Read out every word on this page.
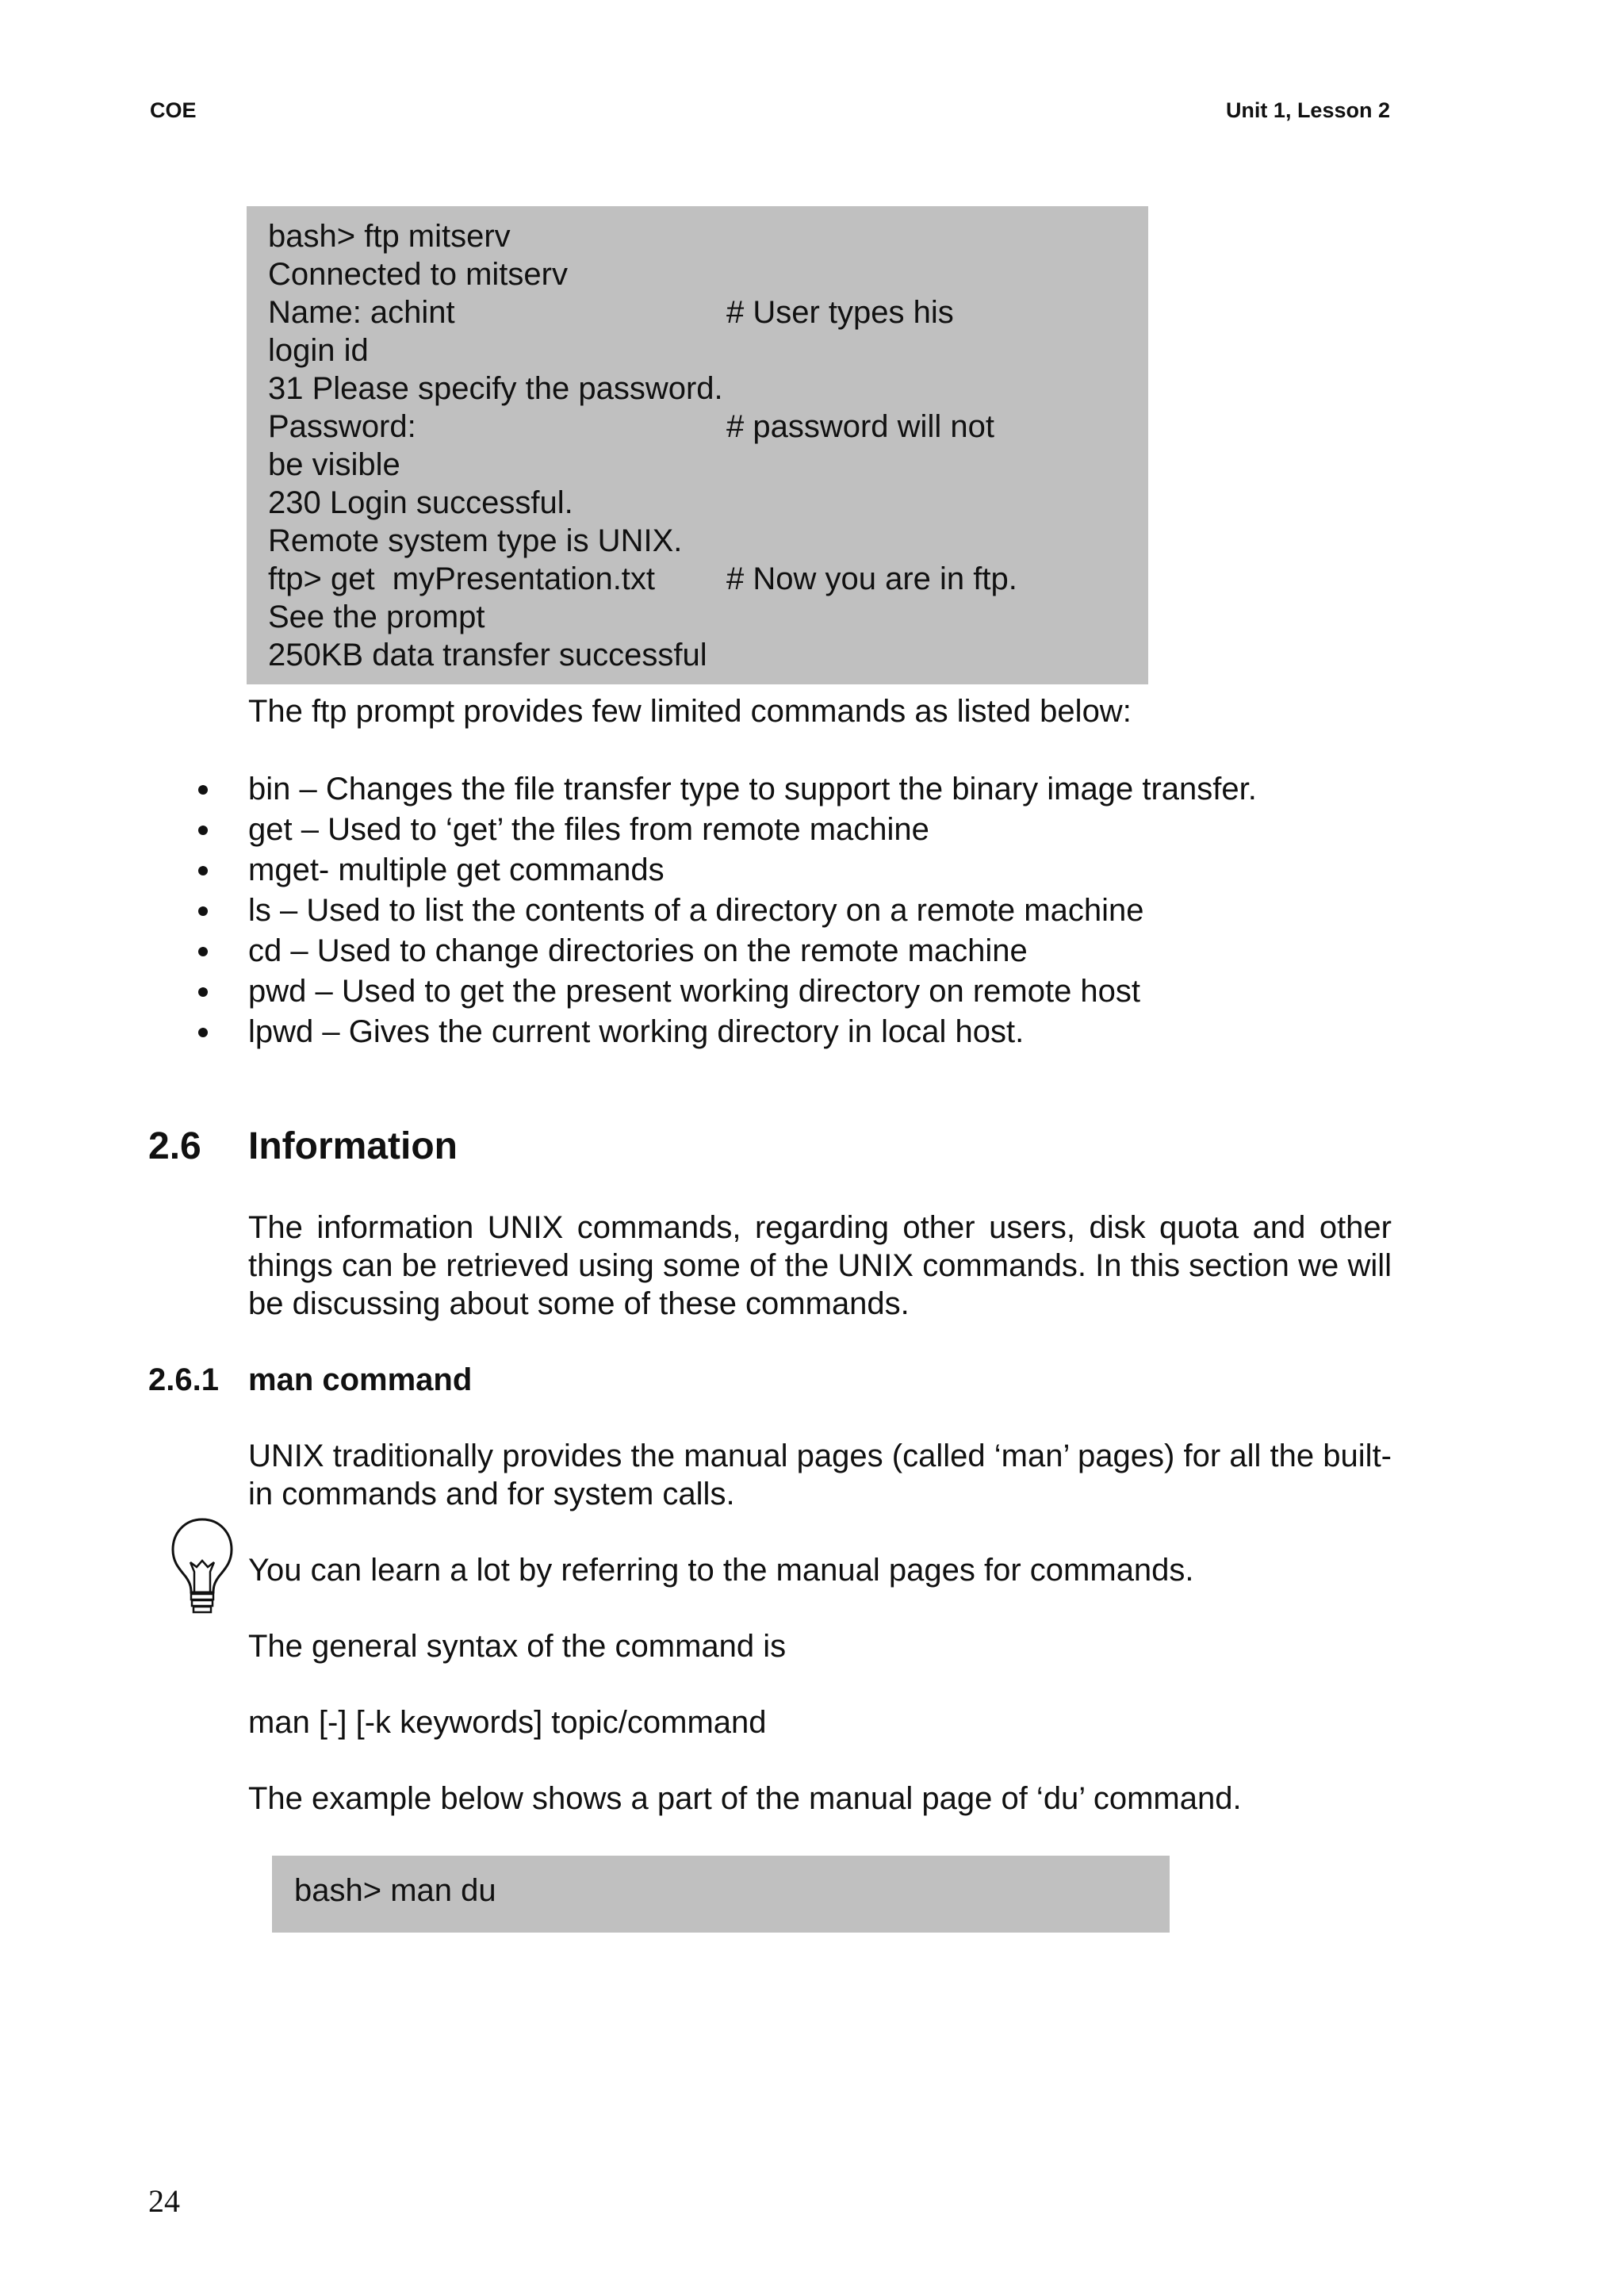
COE	Unit 1, Lesson 2
bash> ftp mitserv
Connected to mitserv
Name: achint	# User types his
login id
31 Please specify the password.
Password:	# password will not
be visible
230 Login successful.
Remote system type is UNIX.
ftp> get  myPresentation.txt # Now you are in ftp.
See the prompt
250KB data transfer successful
The ftp prompt provides few limited commands as listed below:
bin – Changes the file transfer type to support the binary image transfer.
get – Used to ‘get’ the files from remote machine
mget- multiple get commands
ls – Used to list the contents of a directory on a remote machine
cd – Used to change directories on the remote machine
pwd – Used to get the present working directory on remote host
lpwd – Gives the current working directory in local host.
2.6 Information
The information UNIX commands, regarding other users, disk quota and other things can be retrieved using some of the UNIX commands. In this section we will be discussing about some of these commands.
2.6.1 man command
UNIX traditionally provides the manual pages (called ‘man’ pages) for all the built-in commands and for system calls.
You can learn a lot by referring to the manual pages for commands.
The general syntax of the command is
man [-] [-k keywords] topic/command
The example below shows a part of the manual page of ‘du’ command.
bash> man du
24
